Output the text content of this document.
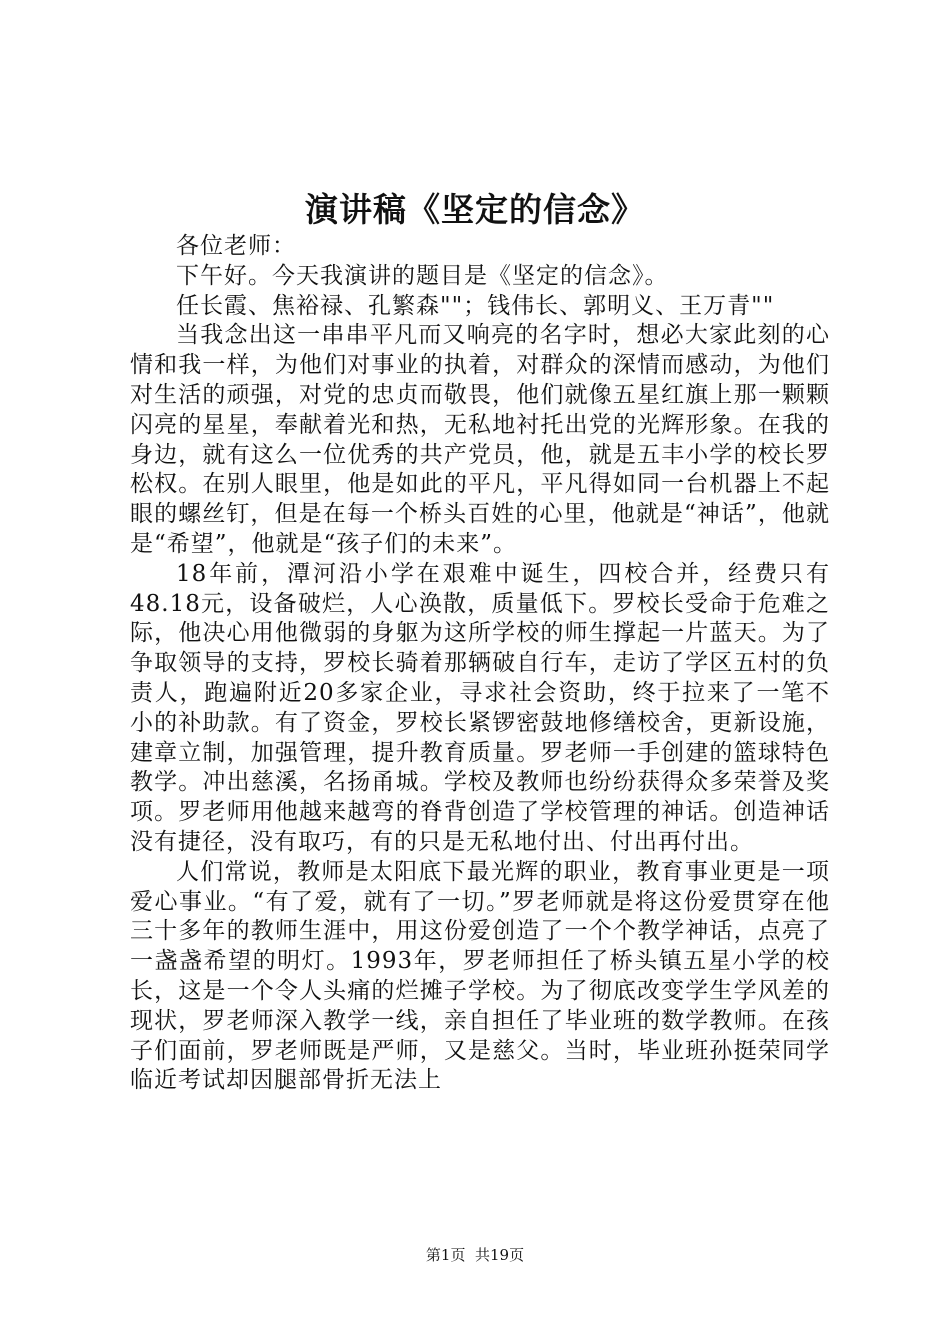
演讲稿《坚定的信念》

各位老师：

下午好。今天我演讲的题目是《坚定的信念》。

任长霞、焦裕禄、孔繁森""；钱伟长、郭明义、王万青""

当我念出这一串串平凡而又响亮的名字时，想必大家此刻的心情和我一样，为他们对事业的执着，对群众的深情而感动，为他们对生活的顽强，对党的忠贞而敬畏，他们就像五星红旗上那一颗颗闪亮的星星，奉献着光和热，无私地衬托出党的光辉形象。在我的身边，就有这么一位优秀的共产党员，他，就是五丰小学的校长罗松权。在别人眼里，他是如此的平凡，平凡得如同一台机器上不起眼的螺丝钉，但是在每一个桥头百姓的心里，他就是“神话”，他就是“希望”，他就是“孩子们的未来”。

18年前，潭河沿小学在艰难中诞生，四校合并，经费只有48.18元，设备破烂，人心涣散，质量低下。罗校长受命于危难之际，他决心用他微弱的身躯为这所学校的师生撑起一片蓝天。为了争取领导的支持，罗校长骑着那辆破自行车，走访了学区五村的负责人，跑遍附近20多家企业，寻求社会资助，终于拉来了一笔不小的补助款。有了资金，罗校长紧锣密鼓地修缮校舍，更新设施，建章立制，加强管理，提升教育质量。罗老师一手创建的篮球特色教学。冲出慈溪，名扬甬城。学校及教师也纷纷获得众多荣誉及奖项。罗老师用他越来越弯的脊背创造了学校管理的神话。创造神话没有捷径，没有取巧，有的只是无私地付出、付出再付出。

人们常说，教师是太阳底下最光辉的职业，教育事业更是一项爱心事业。“有了爱，就有了一切。”罗老师就是将这份爱贯穿在他三十多年的教师生涯中，用这份爱创造了一个个教学神话，点亮了一盏盏希望的明灯。1993年，罗老师担任了桥头镇五星小学的校长，这是一个令人头痛的烂摊子学校。为了彻底改变学生学风差的现状，罗老师深入教学一线，亲自担任了毕业班的数学教师。在孩子们面前，罗老师既是严师，又是慈父。当时，毕业班孙挺荣同学临近考试却因腿部骨折无法上

第1页  共19页
